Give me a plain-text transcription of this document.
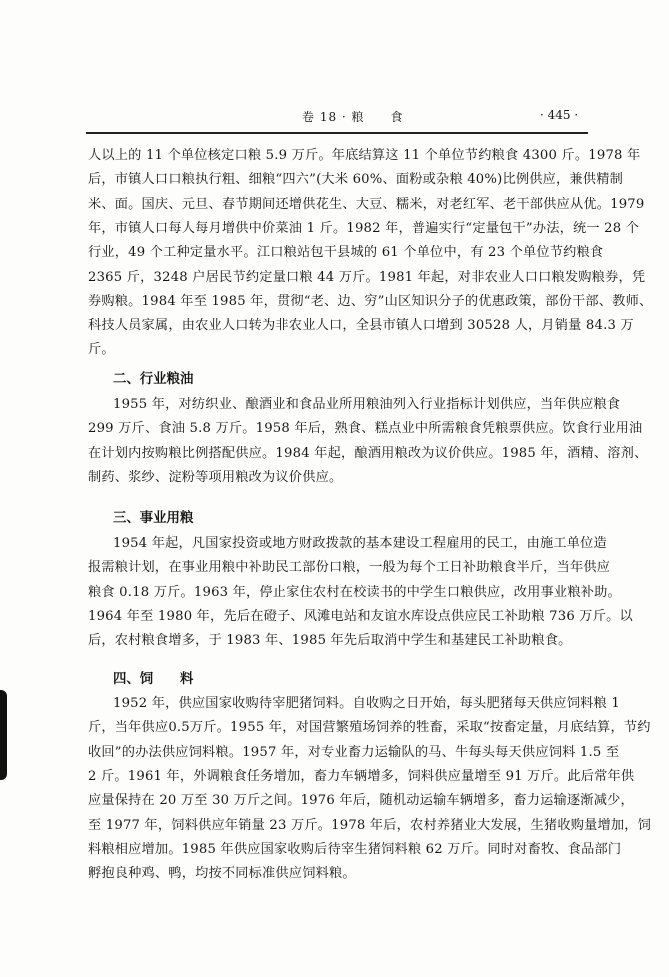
卷 18 · 粮　　食	· 445 ·
人以上的 11 个单位核定口粮 5.9 万斤。年底结算这 11 个单位节约粮食 4300 斤。1978 年
后，市镇人口口粮执行粗、细粮“四六”(大米 60%、面粉或杂粮 40%)比例供应，兼供精制
米、面。国庆、元旦、春节期间还增供花生、大豆、糯米，对老红军、老干部供应从优。1979
年，市镇人口每人每月增供中价菜油 1 斤。1982 年，普遍实行“定量包干”办法，统一 28 个
行业，49 个工种定量水平。江口粮站包干县城的 61 个单位中，有 23 个单位节约粮食
2365 斤，3248 户居民节约定量口粮 44 万斤。1981 年起，对非农业人口口粮发购粮券，凭
券购粮。1984 年至 1985 年，贯彻“老、边、穷”山区知识分子的优惠政策，部份干部、教师、
科技人员家属，由农业人口转为非农业人口，全县市镇人口增到 30528 人，月销量 84.3 万
斤。
二、行业粮油
1955 年，对纺织业、酿酒业和食品业所用粮油列入行业指标计划供应，当年供应粮食
299 万斤、食油 5.8 万斤。1958 年后，熟食、糕点业中所需粮食凭粮票供应。饮食行业用油
在计划内按购粮比例搭配供应。1984 年起，酿酒用粮改为议价供应。1985 年，酒精、溶剂、
制药、浆纱、淀粉等项用粮改为议价供应。
三、事业用粮
1954 年起，凡国家投资或地方财政拨款的基本建设工程雇用的民工，由施工单位造
报需粮计划，在事业用粮中补助民工部份口粮，一般为每个工日补助粮食半斤，当年供应
粮食 0.18 万斤。1963 年，停止家住农村在校读书的中学生口粮供应，改用事业粮补助。
1964 年至 1980 年，先后在磴子、风滩电站和友谊水库设点供应民工补助粮 736 万斤。以
后，农村粮食增多，于 1983 年、1985 年先后取消中学生和基建民工补助粮食。
四、饲　　料
1952 年，供应国家收购待宰肥猪饲料。自收购之日开始，每头肥猪每天供应饲料粮 1
斤，当年供应0.5万斤。1955 年，对国营繁殖场饲养的牲畜，采取“按畜定量，月底结算，节约
收回”的办法供应饲料粮。1957 年，对专业畜力运输队的马、牛每头每天供应饲料 1.5 至
2 斤。1961 年，外调粮食任务增加，畜力车辆增多，饲料供应量增至 91 万斤。此后常年供
应量保持在 20 万至 30 万斤之间。1976 年后，随机动运输车辆增多，畜力运输逐渐减少，
至 1977 年，饲料供应年销量 23 万斤。1978 年后，农村养猪业大发展，生猪收购量增加，饲
料粮相应增加。1985 年供应国家收购后待宰生猪饲料粮 62 万斤。同时对畜牧、食品部门
孵抱良种鸡、鸭，均按不同标准供应饲料粮。
